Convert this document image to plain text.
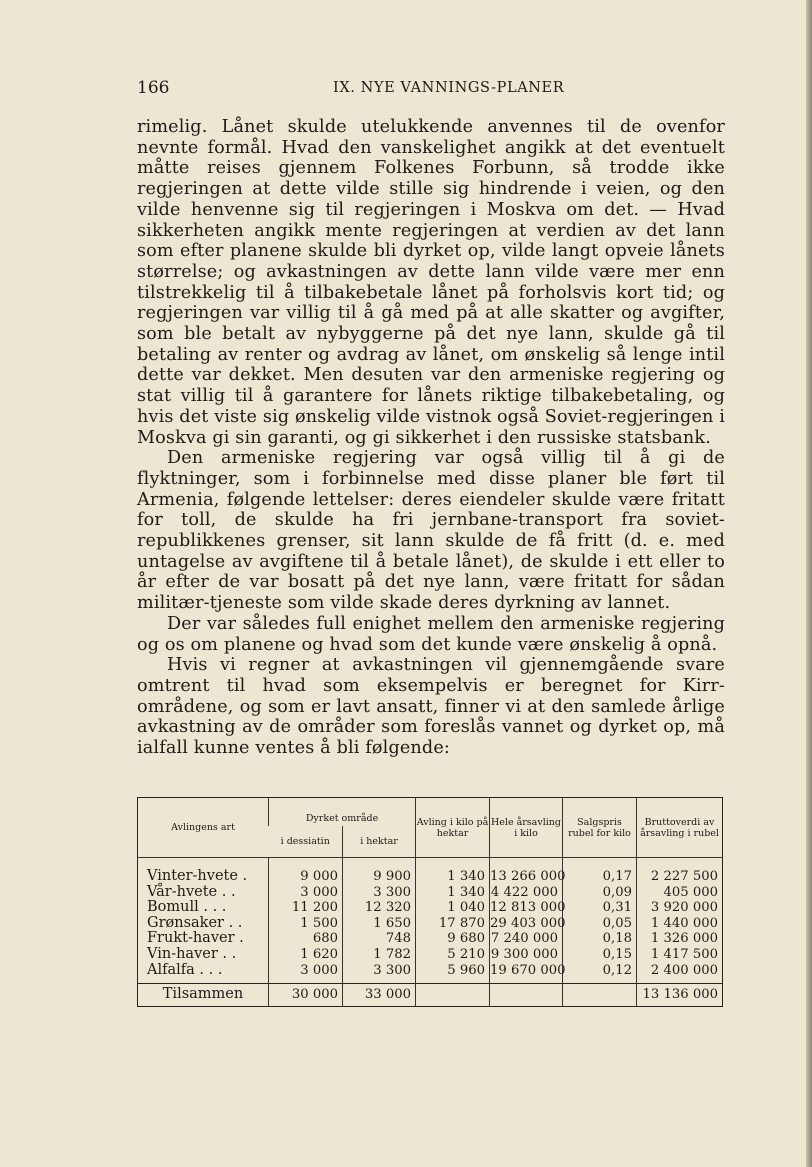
166	IX. NYE VANNINGS-PLANER

rimelig. Lånet skulde utelukkende anvennes til de ovenfor nevnte formål. Hvad den vanskelighet angikk at det eventuelt måtte reises gjennem Folkenes Forbunn, så trodde ikke regjeringen at dette vilde stille sig hindrende i veien, og den vilde henvenne sig til regjeringen i Moskva om det. — Hvad sikkerheten angikk mente regjeringen at verdien av det lann som efter planene skulde bli dyrket op, vilde langt opveie lånets størrelse; og avkastningen av dette lann vilde være mer enn tilstrekkelig til å tilbakebetale lånet på forholsvis kort tid; og regjeringen var villig til å gå med på at alle skatter og avgifter, som ble betalt av nybyggerne på det nye lann, skulde gå til betaling av renter og avdrag av lånet, om ønskelig så lenge intil dette var dekket. Men desuten var den armeniske regjering og stat villig til å garantere for lånets riktige tilbakebetaling, og hvis det viste sig ønskelig vilde vistnok også Soviet-regjeringen i Moskva gi sin garanti, og gi sikkerhet i den russiske statsbank.

Den armeniske regjering var også villig til å gi de flyktninger, som i forbinnelse med disse planer ble ført til Armenia, følgende lettelser: deres eiendeler skulde være fritatt for toll, de skulde ha fri jernbane-transport fra soviet-republikkenes grenser, sit lann skulde de få fritt (d. e. med untagelse av avgiftene til å betale lånet), de skulde i ett eller to år efter de var bosatt på det nye lann, være fritatt for sådan militær-tjeneste som vilde skade deres dyrkning av lannet.

Der var således full enighet mellem den armeniske regjering og os om planene og hvad som det kunde være ønskelig å opnå.

Hvis vi regner at avkastningen vil gjennemgående svare omtrent til hvad som eksempelvis er beregnet for Kirr-områdene, og som er lavt ansatt, finner vi at den samlede årlige avkastning av de områder som foreslås vannet og dyrket op, må ialfall kunne ventes å bli følgende:

Avlingens art	Dyrket område		Avling i kilo på hektar	Hele årsavling i kilo	Salgspris rubel for kilo	Bruttoverdi av årsavling i rubel
	i dessiatin	i hektar				

Vinter-hvete .	9 000	9 900	1 340	13 266 000	0,17	2 227 500
Vår-hvete . .	3 000	3 300	1 340	4 422 000	0,09	405 000
Bomull . . .	11 200	12 320	1 040	12 813 000	0,31	3 920 000
Grønsaker . .	1 500	1 650	17 870	29 403 000	0,05	1 440 000
Frukt-haver .	680	748	9 680	7 240 000	0,18	1 326 000
Vin-haver . .	1 620	1 782	5 210	9 300 000	0,15	1 417 500
Alfalfa . . .	3 000	3 300	5 960	19 670 000	0,12	2 400 000

Tilsammen	30 000	33 000				13 136 000
